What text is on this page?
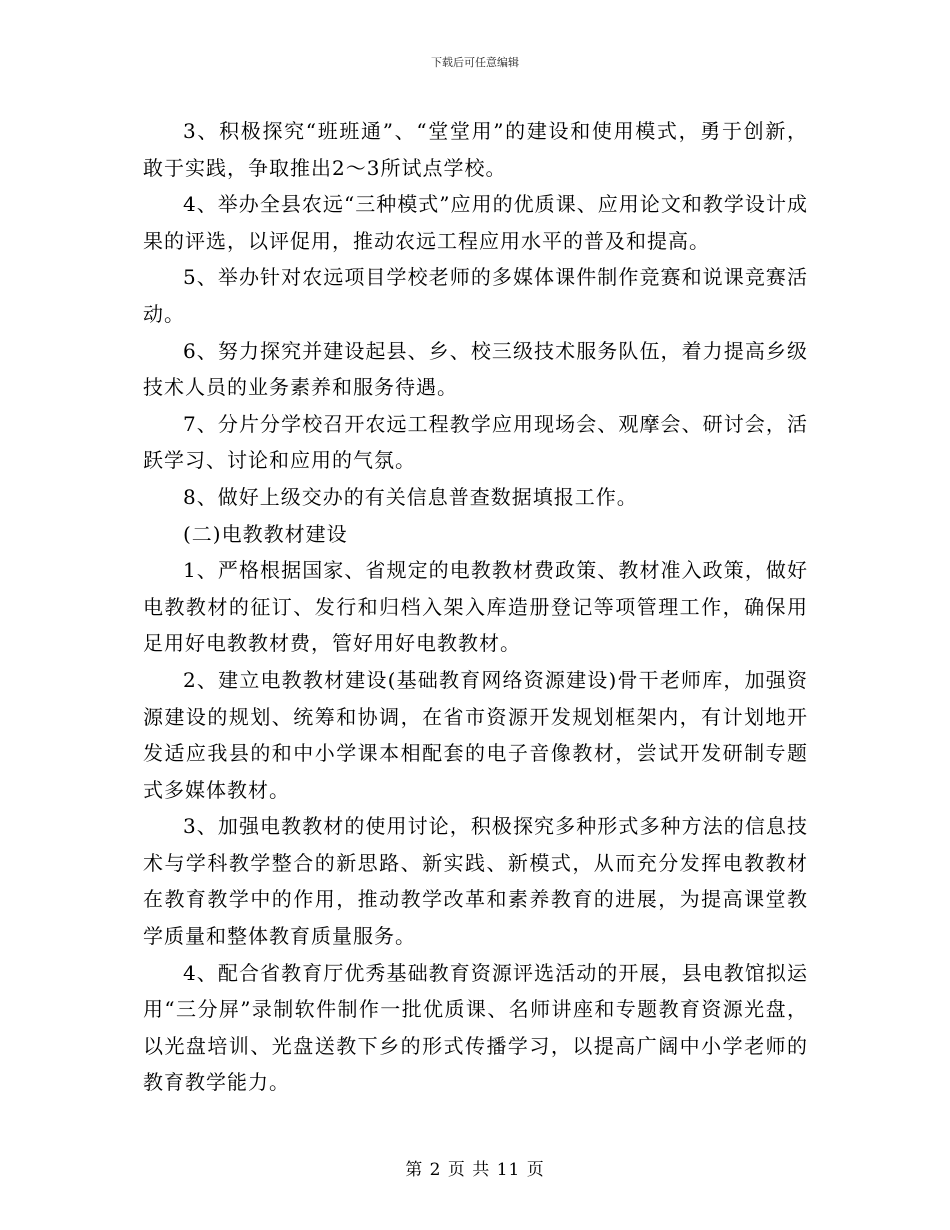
下载后可任意编辑

3、积极探究“班班通”、“堂堂用”的建设和使用模式，勇于创新，敢于实践，争取推出2～3所试点学校。

4、举办全县农远“三种模式”应用的优质课、应用论文和教学设计成果的评选，以评促用，推动农远工程应用水平的普及和提高。

5、举办针对农远项目学校老师的多媒体课件制作竞赛和说课竞赛活动。

6、努力探究并建设起县、乡、校三级技术服务队伍，着力提高乡级技术人员的业务素养和服务待遇。

7、分片分学校召开农远工程教学应用现场会、观摩会、研讨会，活跃学习、讨论和应用的气氛。

8、做好上级交办的有关信息普查数据填报工作。

(二)电教教材建设

1、严格根据国家、省规定的电教教材费政策、教材准入政策，做好电教教材的征订、发行和归档入架入库造册登记等项管理工作，确保用足用好电教教材费，管好用好电教教材。

2、建立电教教材建设(基础教育网络资源建设)骨干老师库，加强资源建设的规划、统筹和协调，在省市资源开发规划框架内，有计划地开发适应我县的和中小学课本相配套的电子音像教材，尝试开发研制专题式多媒体教材。

3、加强电教教材的使用讨论，积极探究多种形式多种方法的信息技术与学科教学整合的新思路、新实践、新模式，从而充分发挥电教教材在教育教学中的作用，推动教学改革和素养教育的进展，为提高课堂教学质量和整体教育质量服务。

4、配合省教育厅优秀基础教育资源评选活动的开展，县电教馆拟运用“三分屏”录制软件制作一批优质课、名师讲座和专题教育资源光盘，以光盘培训、光盘送教下乡的形式传播学习，以提高广阔中小学老师的教育教学能力。

第 2 页 共 11 页
